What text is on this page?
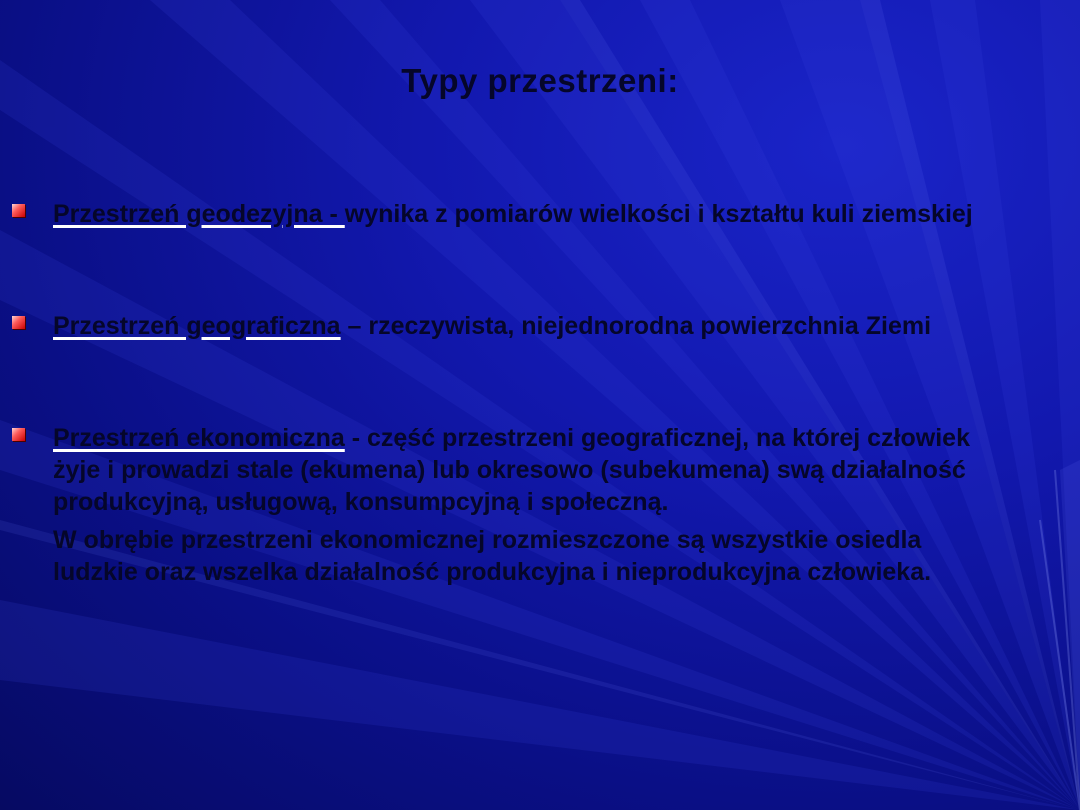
Typy przestrzeni:
Przestrzeń geodezyjna - wynika z pomiarów wielkości i kształtu kuli ziemskiej
Przestrzeń geograficzna – rzeczywista, niejednorodna powierzchnia Ziemi
Przestrzeń ekonomiczna - część przestrzeni geograficznej, na której człowiek żyje i prowadzi stale (ekumena) lub okresowo (subekumena) swą działalność produkcyjną, usługową, konsumpcyjną i społeczną.
W obrębie przestrzeni ekonomicznej rozmieszczone są wszystkie osiedla ludzkie oraz wszelka działalność produkcyjna i nieprodukcyjna człowieka.
